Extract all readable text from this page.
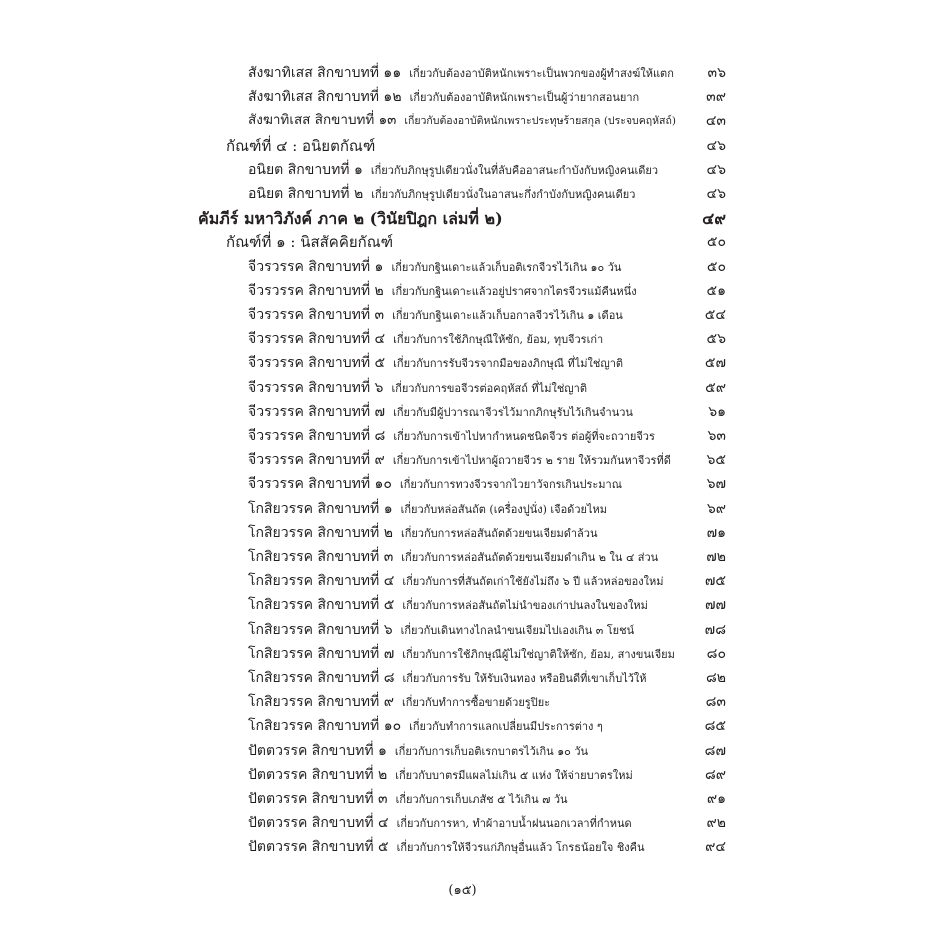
สังฆาทิเสส สิกขาบทที่ ๑๑ เกี่ยวกับต้องอาบัติหนักเพราะเป็นพวกของผู้ทำสงฆ์ให้แตก	๓๖
สังฆาทิเสส สิกขาบทที่ ๑๒ เกี่ยวกับต้องอาบัติหนักเพราะเป็นผู้ว่ายากสอนยาก	๓๙
สังฆาทิเสส สิกขาบทที่ ๑๓ เกี่ยวกับต้องอาบัติหนักเพราะประทุษร้ายสกุล (ประจบคฤหัสถ์)	๔๓
กัณฑ์ที่ ๔ : อนิยตกัณฑ์	๔๖
อนิยต สิกขาบทที่ ๑ เกี่ยวกับภิกษุรูปเดียวนั่งในที่ลับคืออาสนะกำบังกับหญิงคนเดียว	๔๖
อนิยต สิกขาบทที่ ๒ เกี่ยวกับภิกษุรูปเดียวนั่งในอาสนะกึ่งกำบังกับหญิงคนเดียว	๔๖
คัมภีร์ มหาวิภังค์ ภาค ๒ (วินัยปิฎก เล่มที่ ๒)	๔๙
กัณฑ์ที่ ๑ : นิสสัคคิยกัณฑ์	๕๐
จีวรวรรค สิกขาบทที่ ๑ เกี่ยวกับกฐินเดาะแล้วเก็บอติเรกจีวรไว้เกิน ๑๐ วัน	๕๐
จีวรวรรค สิกขาบทที่ ๒ เกี่ยวกับกฐินเดาะแล้วอยู่ปราศจากไตรจีวรแม้คืนหนึ่ง	๕๑
จีวรวรรค สิกขาบทที่ ๓ เกี่ยวกับกฐินเดาะแล้วเก็บอกาลจีวรไว้เกิน ๑ เดือน	๕๔
จีวรวรรค สิกขาบทที่ ๔ เกี่ยวกับการใช้ภิกษุณีให้ซัก, ย้อม, ทุบจีวรเก่า	๕๖
จีวรวรรค สิกขาบทที่ ๕ เกี่ยวกับการรับจีวรจากมือของภิกษุณี ที่ไม่ใช่ญาติ	๕๗
จีวรวรรค สิกขาบทที่ ๖ เกี่ยวกับการขอจีวรต่อคฤหัสถ์ ที่ไม่ใช่ญาติ	๕๙
จีวรวรรค สิกขาบทที่ ๗ เกี่ยวกับมีผู้ปวารณาจีวรไว้มากภิกษุรับไว้เกินจำนวน	๖๑
จีวรวรรค สิกขาบทที่ ๘ เกี่ยวกับการเข้าไปหากำหนดชนิดจีวร ต่อผู้ที่จะถวายจีวร	๖๓
จีวรวรรค สิกขาบทที่ ๙ เกี่ยวกับการเข้าไปหาผู้ถวายจีวร ๒ ราย ให้รวมกันหาจีวรที่ดี	๖๕
จีวรวรรค สิกขาบทที่ ๑๐ เกี่ยวกับการทวงจีวรจากไวยาวัจกรเกินประมาณ	๖๗
โกสิยวรรค สิกขาบทที่ ๑ เกี่ยวกับหล่อสันถัต (เครื่องปูนั่ง) เจือด้วยไหม	๖๙
โกสิยวรรค สิกขาบทที่ ๒ เกี่ยวกับการหล่อสันถัตด้วยขนเจียมดำล้วน	๗๑
โกสิยวรรค สิกขาบทที่ ๓ เกี่ยวกับการหล่อสันถัตด้วยขนเจียมดำเกิน ๒ ใน ๔ ส่วน	๗๒
โกสิยวรรค สิกขาบทที่ ๔ เกี่ยวกับการที่สันถัตเก่าใช้ยังไม่ถึง ๖ ปี แล้วหล่อของใหม่	๗๕
โกสิยวรรค สิกขาบทที่ ๕ เกี่ยวกับการหล่อสันถัตไม่นำของเก่าปนลงในของใหม่	๗๗
โกสิยวรรค สิกขาบทที่ ๖ เกี่ยวกับเดินทางไกลนำขนเจียมไปเองเกิน ๓ โยชน์	๗๘
โกสิยวรรค สิกขาบทที่ ๗ เกี่ยวกับการใช้ภิกษุณีผู้ไม่ใช่ญาติให้ซัก, ย้อม, สางขนเจียม	๘๐
โกสิยวรรค สิกขาบทที่ ๘ เกี่ยวกับการรับ ให้รับเงินทอง หรือยินดีที่เขาเก็บไว้ให้	๘๒
โกสิยวรรค สิกขาบทที่ ๙ เกี่ยวกับทำการซื้อขายด้วยรูปิยะ	๘๓
โกสิยวรรค สิกขาบทที่ ๑๐ เกี่ยวกับทำการแลกเปลี่ยนมีประการต่าง ๆ	๘๕
ปัตตวรรค สิกขาบทที่ ๑ เกี่ยวกับการเก็บอติเรกบาตรไว้เกิน ๑๐ วัน	๘๗
ปัตตวรรค สิกขาบทที่ ๒ เกี่ยวกับบาตรมีแผลไม่เกิน ๕ แห่ง ให้จ่ายบาตรใหม่	๘๙
ปัตตวรรค สิกขาบทที่ ๓ เกี่ยวกับการเก็บเภสัช ๕ ไว้เกิน ๗ วัน	๙๑
ปัตตวรรค สิกขาบทที่ ๔ เกี่ยวกับการหา, ทำผ้าอาบน้ำฝนนอกเวลาที่กำหนด	๙๒
ปัตตวรรค สิกขาบทที่ ๕ เกี่ยวกับการให้จีวรแก่ภิกษุอื่นแล้ว โกรธน้อยใจ ชิงคืน	๙๔
(๑๕)
